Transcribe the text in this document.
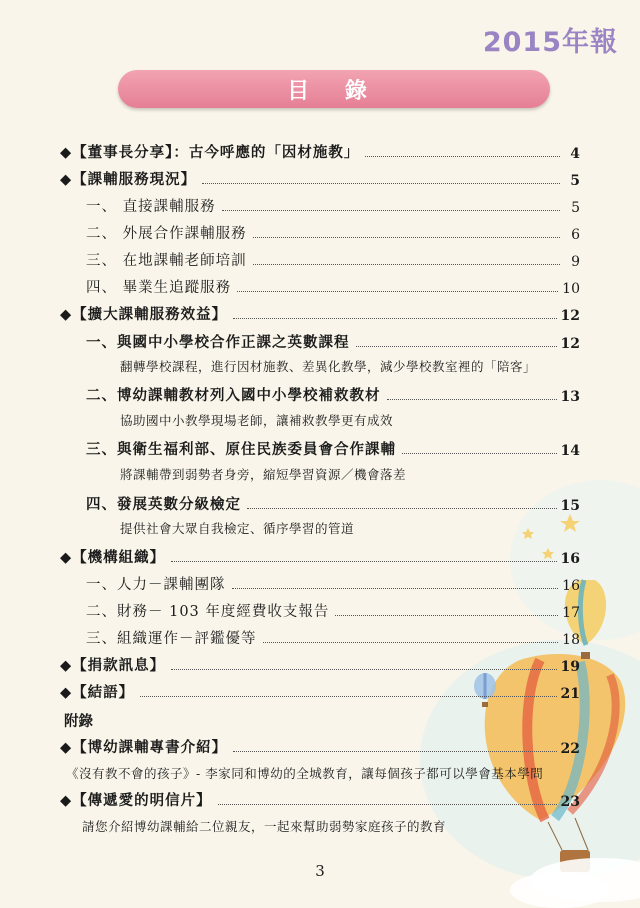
2015年報
目 錄
◆【董事長分享】：古今呼應的「因材施教」	4
◆【課輔服務現況】	5
一、 直接課輔服務	5
二、 外展合作課輔服務	6
三、 在地課輔老師培訓	9
四、 畢業生追蹤服務	10
◆【擴大課輔服務效益】	12
一、與國中小學校合作正課之英數課程	12
翻轉學校課程，進行因材施教、差異化教學，減少學校教室裡的「陪客」
二、博幼課輔教材列入國中小學校補救教材	13
協助國中小教學現場老師，讓補救教學更有成效
三、與衛生福利部、原住民族委員會合作課輔	14
將課輔帶到弱勢者身旁，縮短學習資源／機會落差
四、發展英數分級檢定	15
提供社會大眾自我檢定、循序學習的管道
◆【機構組織】	16
一、人力－課輔團隊	16
二、財務－ 103 年度經費收支報告	17
三、組織運作－評鑑優等	18
◆【捐款訊息】	19
◆【結語】	21
附錄
◆【博幼課輔專書介紹】	22
《沒有教不會的孩子》- 李家同和博幼的全城教育，讓每個孩子都可以學會基本學問
◆【傳遞愛的明信片】	23
請您介紹博幼課輔給二位親友，一起來幫助弱勢家庭孩子的教育
3
